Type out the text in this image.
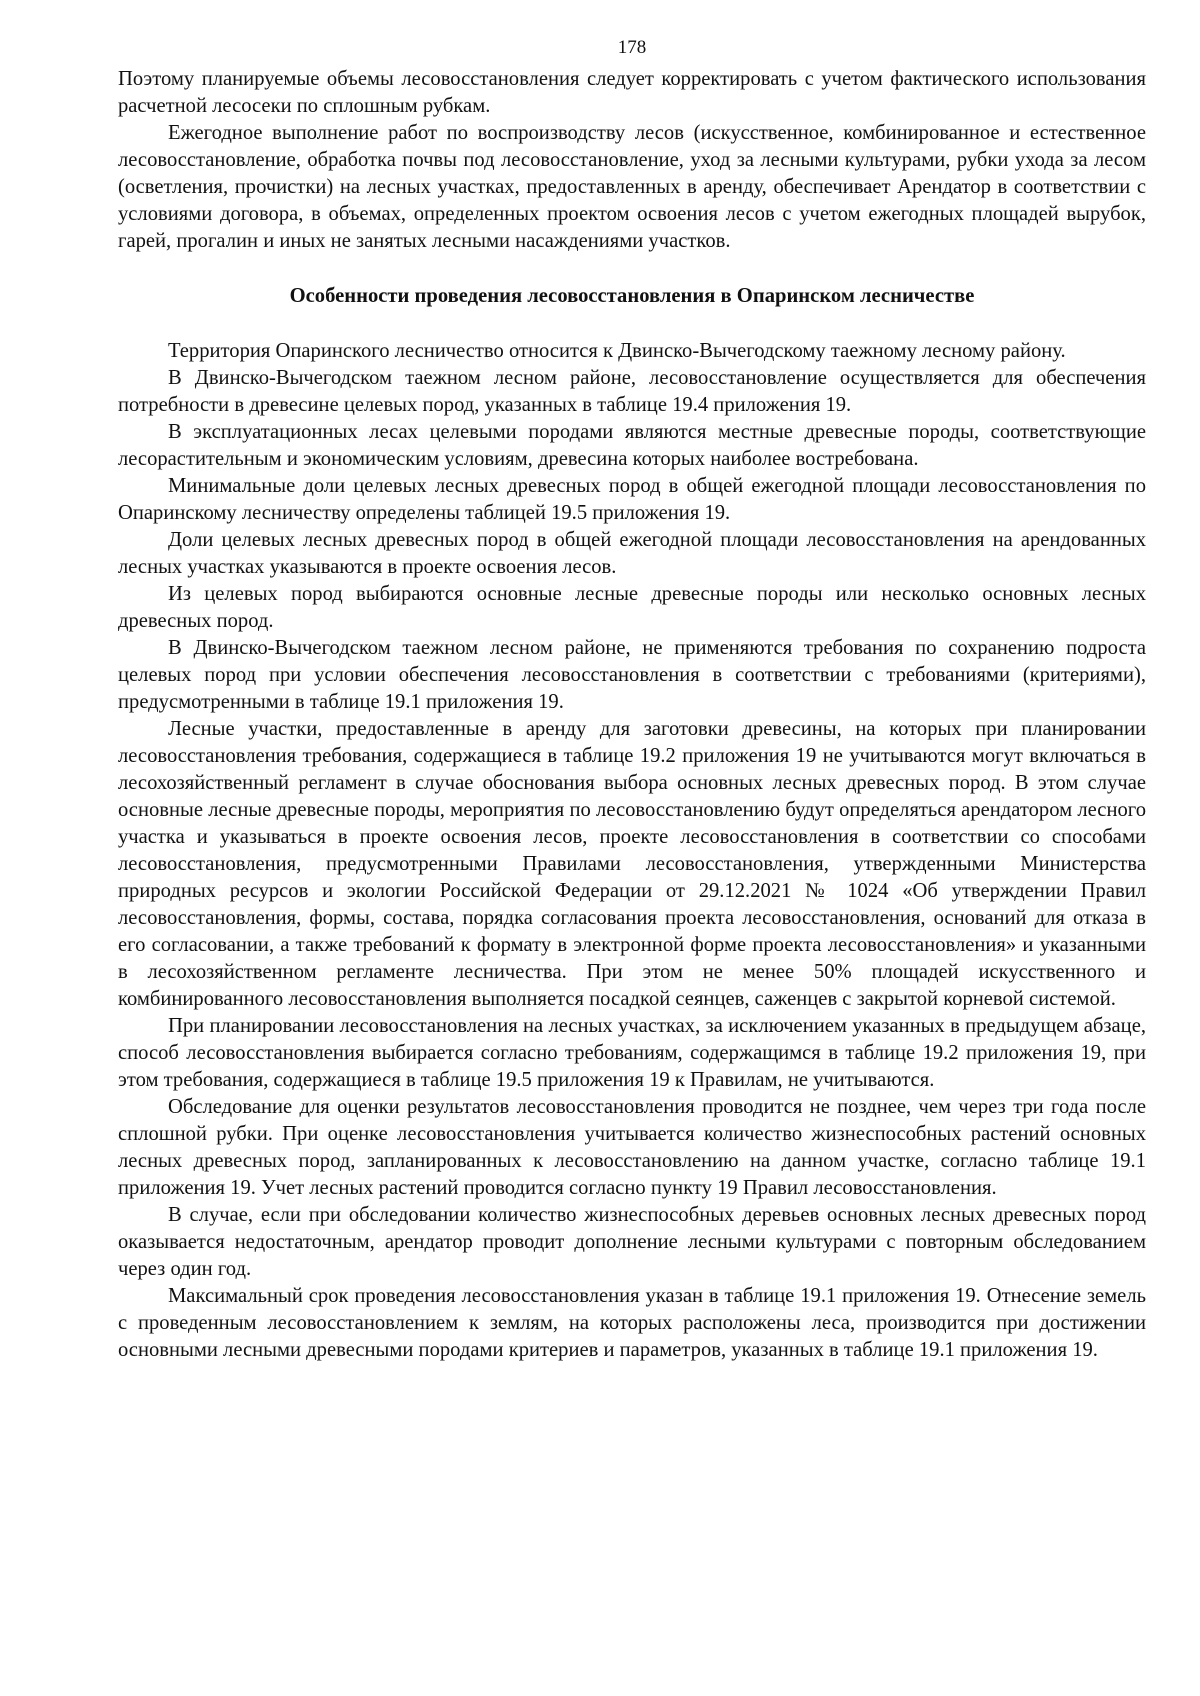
178

Поэтому планируемые объемы лесовосстановления следует корректировать с учетом фактического использования расчетной лесосеки по сплошным рубкам.

Ежегодное выполнение работ по воспроизводству лесов (искусственное, комбинированное и естественное лесовосстановление, обработка почвы под лесовосстановление, уход за лесными культурами, рубки ухода за лесом (осветления, прочистки) на лесных участках, предоставленных в аренду, обеспечивает Арендатор в соответствии с условиями договора, в объемах, определенных проектом освоения лесов с учетом ежегодных площадей вырубок, гарей, прогалин и иных не занятых лесными насаждениями участков.

Особенности проведения лесовосстановления в Опаринском лесничестве

Территория Опаринского лесничество относится к Двинско-Вычегодскому таежному лесному району.

В Двинско-Вычегодском таежном лесном районе, лесовосстановление осуществляется для обеспечения потребности в древесине целевых пород, указанных в таблице 19.4 приложения 19.

В эксплуатационных лесах целевыми породами являются местные древесные породы, соответствующие лесорастительным и экономическим условиям, древесина которых наиболее востребована.

Минимальные доли целевых лесных древесных пород в общей ежегодной площади лесовосстановления по Опаринскому лесничеству определены таблицей 19.5 приложения 19.

Доли целевых лесных древесных пород в общей ежегодной площади лесовосстановления на арендованных лесных участках указываются в проекте освоения лесов.

Из целевых пород выбираются основные лесные древесные породы или несколько основных лесных древесных пород.

В Двинско-Вычегодском таежном лесном районе, не применяются требования по сохранению подроста целевых пород при условии обеспечения лесовосстановления в соответствии с требованиями (критериями), предусмотренными в таблице 19.1 приложения 19.

Лесные участки, предоставленные в аренду для заготовки древесины, на которых при планировании лесовосстановления требования, содержащиеся в таблице 19.2 приложения 19 не учитываются могут включаться в лесохозяйственный регламент в случае обоснования выбора основных лесных древесных пород. В этом случае основные лесные древесные породы, мероприятия по лесовосстановлению будут определяться арендатором лесного участка и указываться в проекте освоения лесов, проекте лесовосстановления в соответствии со способами лесовосстановления, предусмотренными Правилами лесовосстановления, утвержденными Министерства природных ресурсов и экологии Российской Федерации от 29.12.2021 № 1024 «Об утверждении Правил лесовосстановления, формы, состава, порядка согласования проекта лесовосстановления, оснований для отказа в его согласовании, а также требований к формату в электронной форме проекта лесовосстановления» и указанными в лесохозяйственном регламенте лесничества. При этом не менее 50% площадей искусственного и комбинированного лесовосстановления выполняется посадкой сеянцев, саженцев с закрытой корневой системой.

При планировании лесовосстановления на лесных участках, за исключением указанных в предыдущем абзаце, способ лесовосстановления выбирается согласно требованиям, содержащимся в таблице 19.2 приложения 19, при этом требования, содержащиеся в таблице 19.5 приложения 19 к Правилам, не учитываются.

Обследование для оценки результатов лесовосстановления проводится не позднее, чем через три года после сплошной рубки. При оценке лесовосстановления учитывается количество жизнеспособных растений основных лесных древесных пород, запланированных к лесовосстановлению на данном участке, согласно таблице 19.1 приложения 19. Учет лесных растений проводится согласно пункту 19 Правил лесовосстановления.

В случае, если при обследовании количество жизнеспособных деревьев основных лесных древесных пород оказывается недостаточным, арендатор проводит дополнение лесными культурами с повторным обследованием через один год.

Максимальный срок проведения лесовосстановления указан в таблице 19.1 приложения 19. Отнесение земель с проведенным лесовосстановлением к землям, на которых расположены леса, производится при достижении основными лесными древесными породами критериев и параметров, указанных в таблице 19.1 приложения 19.
